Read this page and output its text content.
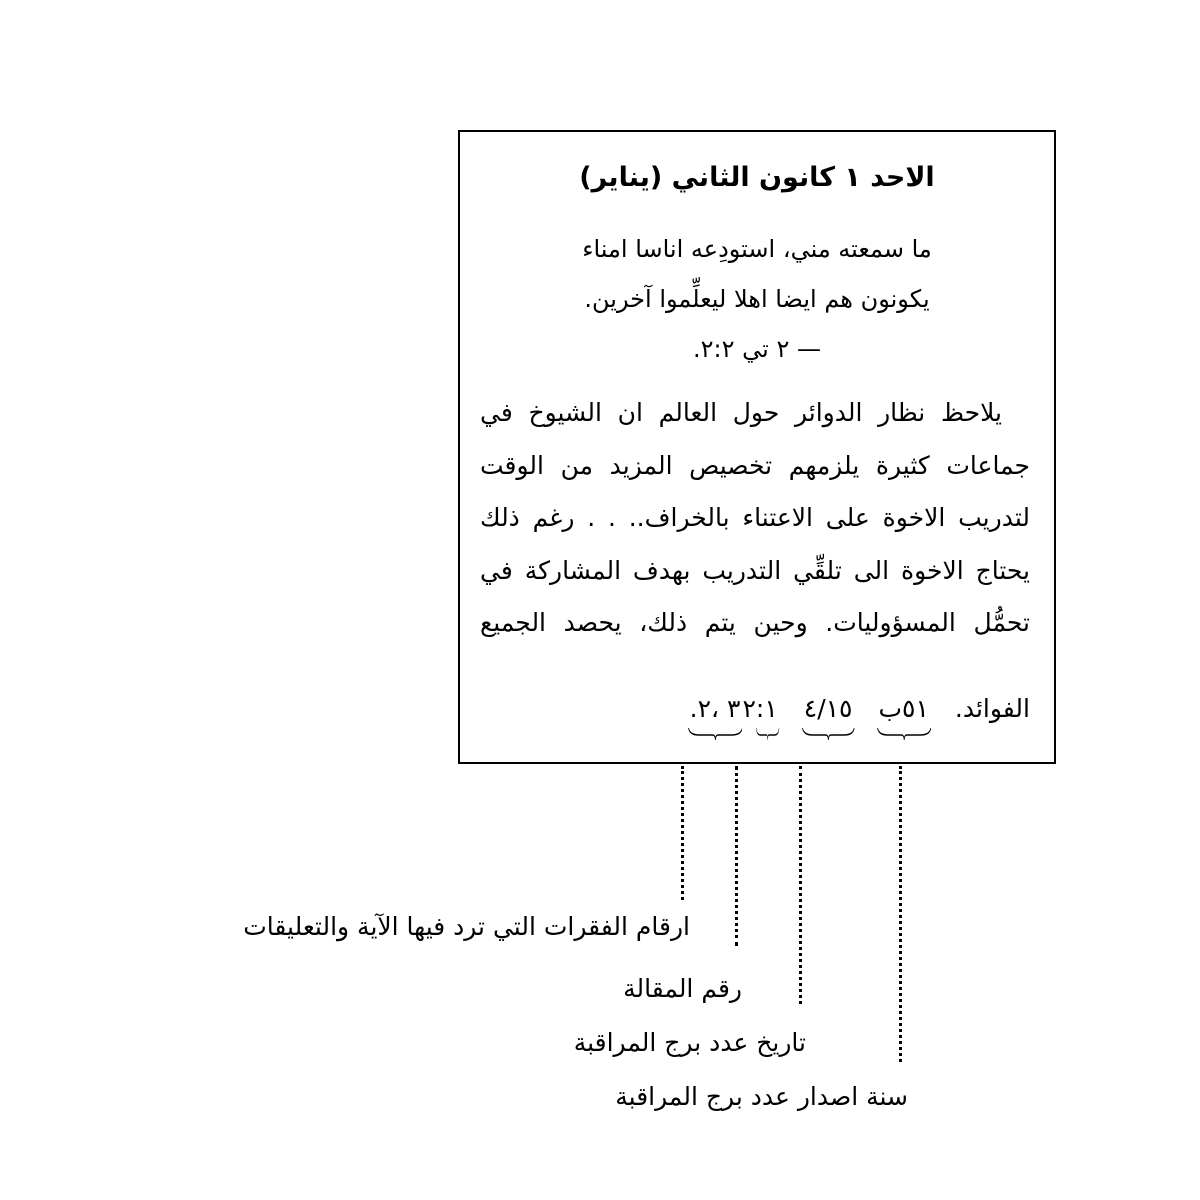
الاحد ١ كانون الثاني (يناير)
ما سمعته مني، استودِعه اناسا امناء
يكونون هم ايضا اهلا ليعلِّموا آخرين.
— ٢ تي ٢:٢.

يلاحظ نظار الدوائر حول العالم ان الشيوخ في جماعات كثيرة يلزمهم تخصيص المزيد من الوقت لتدريب الاخوة على الاعتناء بالخراف.. . . رغم ذلك يحتاج الاخوة الى تلقِّي التدريب بهدف المشاركة في تحمُّل المسؤوليات. وحين يتم ذلك، يحصد الجميع

الفوائد.
ب٥١
٤/١٥
.٣ ،٢ ٢:١
ارقام الفقرات التي ترد فيها الآية والتعليقات
رقم المقالة
تاريخ عدد برج المراقبة
سنة اصدار عدد برج المراقبة
